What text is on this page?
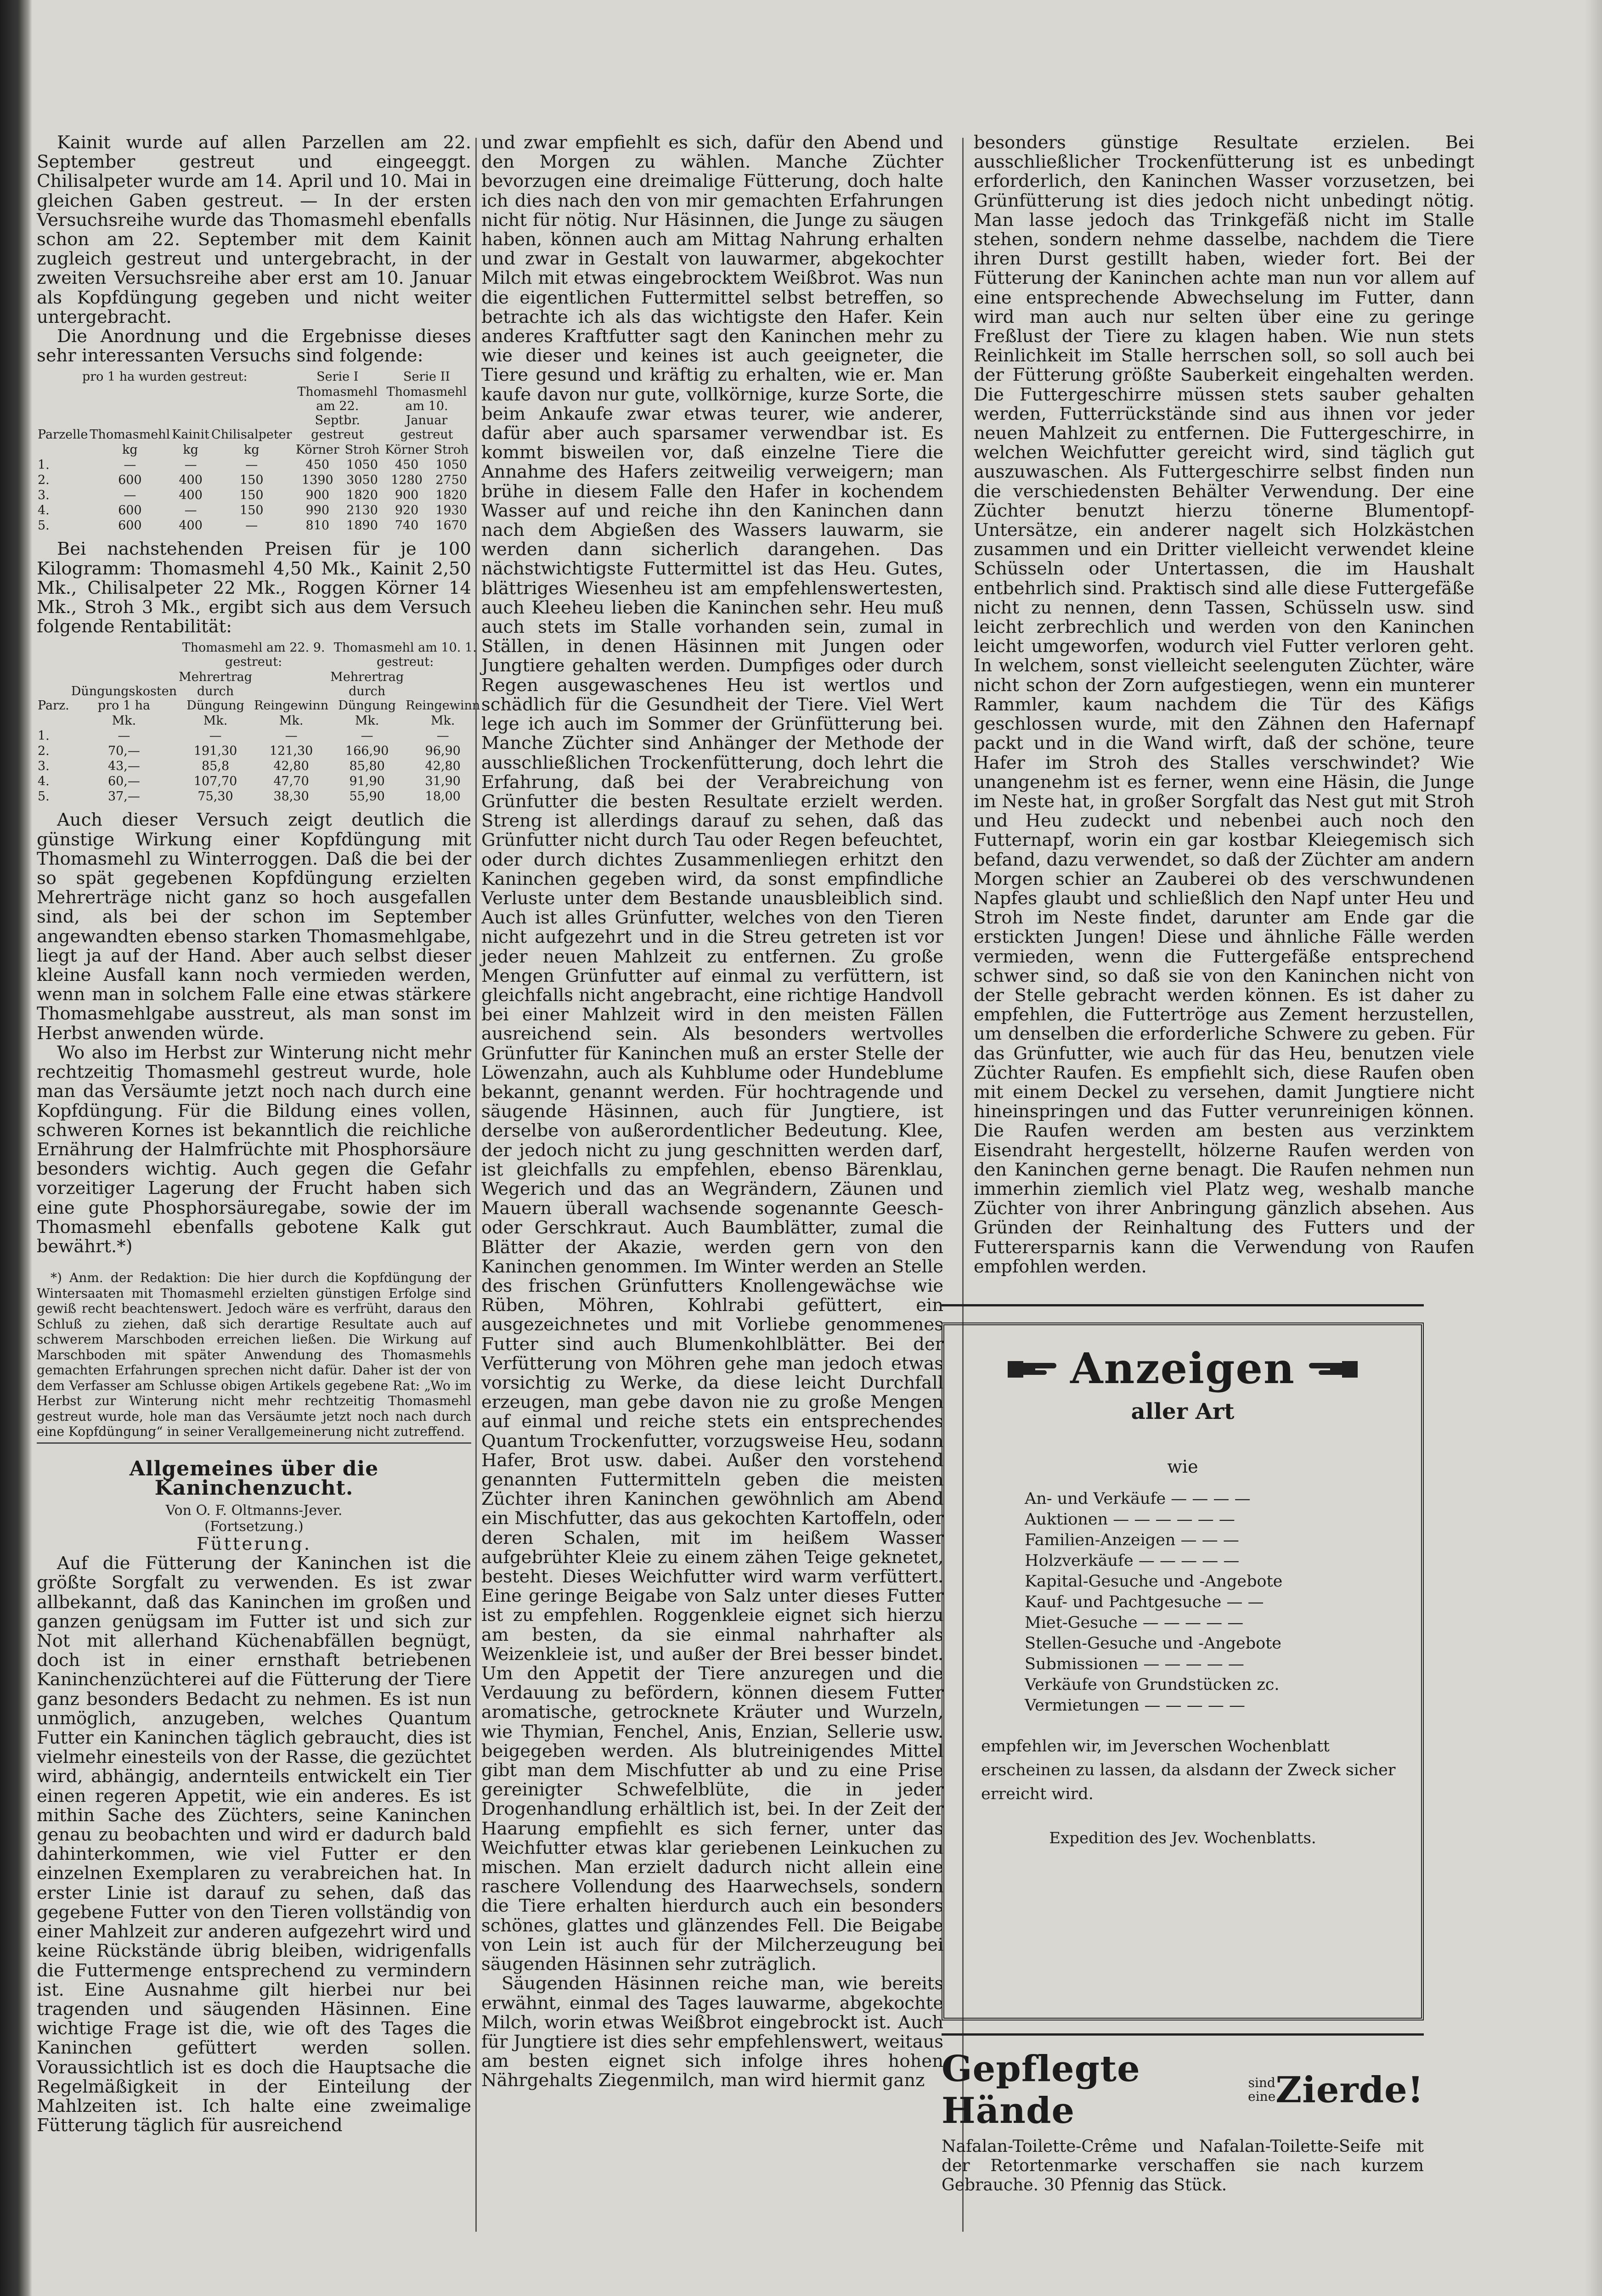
Kainit wurde auf allen Parzellen am 22. September gestreut und eingeeggt. Chilisalpeter wurde am 14. April und 10. Mai in gleichen Gaben gestreut. — In der ersten Versuchsreihe wurde das Thomasmehl ebenfalls schon am 22. September mit dem Kainit zugleich gestreut und untergebracht, in der zweiten Versuchsreihe aber erst am 10. Januar als Kopfdüngung gegeben und nicht weiter untergebracht.

Die Anordnung und die Ergebnisse dieses sehr interessanten Versuchs sind folgende:

pro 1 ha wurden gestreut:				Serie I		Serie II	
Parzelle	Thomasmehl	Kainit	Chilisalpeter	Thomasmehl am 22. Septbr. gestreut		Thomasmehl am 10. Januar gestreut	
	kg	kg	kg	Körner	Stroh	Körner	Stroh
1.	—	—	—	450	1050	450	1050
2.	600	400	150	1390	3050	1280	2750
3.	—	400	150	900	1820	900	1820
4.	600	—	150	990	2130	920	1930
5.	600	400	—	810	1890	740	1670

Bei nachstehenden Preisen für je 100 Kilogramm: Thomasmehl 4,50 Mk., Kainit 2,50 Mk., Chilisalpeter 22 Mk., Roggen Körner 14 Mk., Stroh 3 Mk., ergibt sich aus dem Versuch folgende Rentabilität:

		Thomasmehl am 22. 9. gestreut:		Thomasmehl am 10. 1. gestreut:	
Parz.	Düngungskosten pro 1 ha	Mehrertrag durch Düngung	Reingewinn	Mehrertrag durch Düngung	Reingewinn
	Mk.	Mk.	Mk.	Mk.	Mk.
1.	—	—	—	—	—
2.	70,—	191,30	121,30	166,90	96,90
3.	43,—	85,8	42,80	85,80	42,80
4.	60,—	107,70	47,70	91,90	31,90
5.	37,—	75,30	38,30	55,90	18,00

Auch dieser Versuch zeigt deutlich die günstige Wirkung einer Kopfdüngung mit Thomasmehl zu Winterroggen. Daß die bei der so spät gegebenen Kopfdüngung erzielten Mehrerträge nicht ganz so hoch ausgefallen sind, als bei der schon im September angewandten ebenso starken Thomasmehlgabe, liegt ja auf der Hand. Aber auch selbst dieser kleine Ausfall kann noch vermieden werden, wenn man in solchem Falle eine etwas stärkere Thomasmehlgabe ausstreut, als man sonst im Herbst anwenden würde.

Wo also im Herbst zur Winterung nicht mehr rechtzeitig Thomasmehl gestreut wurde, hole man das Versäumte jetzt noch nach durch eine Kopfdüngung. Für die Bildung eines vollen, schweren Kornes ist bekanntlich die reichliche Ernährung der Halmfrüchte mit Phosphorsäure besonders wichtig. Auch gegen die Gefahr vorzeitiger Lagerung der Frucht haben sich eine gute Phosphorsäuregabe, sowie der im Thomasmehl ebenfalls gebotene Kalk gut bewährt.*)

*) Anm. der Redaktion: Die hier durch die Kopfdüngung der Wintersaaten mit Thomasmehl erzielten günstigen Erfolge sind gewiß recht beachtenswert. Jedoch wäre es verfrüht, daraus den Schluß zu ziehen, daß sich derartige Resultate auch auf schwerem Marschboden erreichen ließen. Die Wirkung auf Marschboden mit später Anwendung des Thomasmehls gemachten Erfahrungen sprechen nicht dafür. Daher ist der von dem Verfasser am Schlusse obigen Artikels gegebene Rat: „Wo im Herbst zur Winterung nicht mehr rechtzeitig Thomasmehl gestreut wurde, hole man das Versäumte jetzt noch nach durch eine Kopfdüngung“ in seiner Verallgemeinerung nicht zutreffend.

Allgemeines über die Kaninchenzucht.

Von O. F. Oltmanns-Jever.

(Fortsetzung.)

Fütterung.

Auf die Fütterung der Kaninchen ist die größte Sorgfalt zu verwenden. Es ist zwar allbekannt, daß das Kaninchen im großen und ganzen genügsam im Futter ist und sich zur Not mit allerhand Küchenabfällen begnügt, doch ist in einer ernsthaft betriebenen Kaninchenzüchterei auf die Fütterung der Tiere ganz besonders Bedacht zu nehmen. Es ist nun unmöglich, anzugeben, welches Quantum Futter ein Kaninchen täglich gebraucht, dies ist vielmehr einesteils von der Rasse, die gezüchtet wird, abhängig, andernteils entwickelt ein Tier einen regeren Appetit, wie ein anderes. Es ist mithin Sache des Züchters, seine Kaninchen genau zu beobachten und wird er dadurch bald dahinterkommen, wie viel Futter er den einzelnen Exemplaren zu verabreichen hat. In erster Linie ist darauf zu sehen, daß das gegebene Futter von den Tieren vollständig von einer Mahlzeit zur anderen aufgezehrt wird und keine Rückstände übrig bleiben, widrigenfalls die Futtermenge entsprechend zu vermindern ist. Eine Ausnahme gilt hierbei nur bei tragenden und säugenden Häsinnen. Eine wichtige Frage ist die, wie oft des Tages die Kaninchen gefüttert werden sollen. Voraussichtlich ist es doch die Hauptsache die Regelmäßigkeit in der Einteilung der Mahlzeiten ist. Ich halte eine zweimalige Fütterung täglich für ausreichend

und zwar empfiehlt es sich, dafür den Abend und den Morgen zu wählen. Manche Züchter bevorzugen eine dreimalige Fütterung, doch halte ich dies nach den von mir gemachten Erfahrungen nicht für nötig. Nur Häsinnen, die Junge zu säugen haben, können auch am Mittag Nahrung erhalten und zwar in Gestalt von lauwarmer, abgekochter Milch mit etwas eingebrocktem Weißbrot. Was nun die eigentlichen Futtermittel selbst betreffen, so betrachte ich als das wichtigste den Hafer. Kein anderes Kraftfutter sagt den Kaninchen mehr zu wie dieser und keines ist auch geeigneter, die Tiere gesund und kräftig zu erhalten, wie er. Man kaufe davon nur gute, vollkörnige, kurze Sorte, die beim Ankaufe zwar etwas teurer, wie anderer, dafür aber auch sparsamer verwendbar ist. Es kommt bisweilen vor, daß einzelne Tiere die Annahme des Hafers zeitweilig verweigern; man brühe in diesem Falle den Hafer in kochendem Wasser auf und reiche ihn den Kaninchen dann nach dem Abgießen des Wassers lauwarm, sie werden dann sicherlich darangehen. Das nächstwichtigste Futtermittel ist das Heu. Gutes, blättriges Wiesenheu ist am empfehlenswertesten, auch Kleeheu lieben die Kaninchen sehr. Heu muß auch stets im Stalle vorhanden sein, zumal in Ställen, in denen Häsinnen mit Jungen oder Jungtiere gehalten werden. Dumpfiges oder durch Regen ausgewaschenes Heu ist wertlos und schädlich für die Gesundheit der Tiere. Viel Wert lege ich auch im Sommer der Grünfütterung bei. Manche Züchter sind Anhänger der Methode der ausschließlichen Trockenfütterung, doch lehrt die Erfahrung, daß bei der Verabreichung von Grünfutter die besten Resultate erzielt werden. Streng ist allerdings darauf zu sehen, daß das Grünfutter nicht durch Tau oder Regen befeuchtet, oder durch dichtes Zusammenliegen erhitzt den Kaninchen gegeben wird, da sonst empfindliche Verluste unter dem Bestande unausbleiblich sind. Auch ist alles Grünfutter, welches von den Tieren nicht aufgezehrt und in die Streu getreten ist vor jeder neuen Mahlzeit zu entfernen. Zu große Mengen Grünfutter auf einmal zu verfüttern, ist gleichfalls nicht angebracht, eine richtige Handvoll bei einer Mahlzeit wird in den meisten Fällen ausreichend sein. Als besonders wertvolles Grünfutter für Kaninchen muß an erster Stelle der Löwenzahn, auch als Kuhblume oder Hundeblume bekannt, genannt werden. Für hochtragende und säugende Häsinnen, auch für Jungtiere, ist derselbe von außerordentlicher Bedeutung. Klee, der jedoch nicht zu jung geschnitten werden darf, ist gleichfalls zu empfehlen, ebenso Bärenklau, Wegerich und das an Wegrändern, Zäunen und Mauern überall wachsende sogenannte Geesch- oder Gerschkraut. Auch Baumblätter, zumal die Blätter der Akazie, werden gern von den Kaninchen genommen. Im Winter werden an Stelle des frischen Grünfutters Knollengewächse wie Rüben, Möhren, Kohlrabi gefüttert, ein ausgezeichnetes und mit Vorliebe genommenes Futter sind auch Blumenkohlblätter. Bei der Verfütterung von Möhren gehe man jedoch etwas vorsichtig zu Werke, da diese leicht Durchfall erzeugen, man gebe davon nie zu große Mengen auf einmal und reiche stets ein entsprechendes Quantum Trockenfutter, vorzugsweise Heu, sodann Hafer, Brot usw. dabei. Außer den vorstehend genannten Futtermitteln geben die meisten Züchter ihren Kaninchen gewöhnlich am Abend ein Mischfutter, das aus gekochten Kartoffeln, oder deren Schalen, mit im heißem Wasser aufgebrühter Kleie zu einem zähen Teige geknetet, besteht. Dieses Weichfutter wird warm verfüttert. Eine geringe Beigabe von Salz unter dieses Futter ist zu empfehlen. Roggenkleie eignet sich hierzu am besten, da sie einmal nahrhafter als Weizenkleie ist, und außer der Brei besser bindet. Um den Appetit der Tiere anzuregen und die Verdauung zu befördern, können diesem Futter aromatische, getrocknete Kräuter und Wurzeln, wie Thymian, Fenchel, Anis, Enzian, Sellerie usw. beigegeben werden. Als blutreinigendes Mittel gibt man dem Mischfutter ab und zu eine Prise gereinigter Schwefelblüte, die in jeder Drogenhandlung erhältlich ist, bei. In der Zeit der Haarung empfiehlt es sich ferner, unter das Weichfutter etwas klar geriebenen Leinkuchen zu mischen. Man erzielt dadurch nicht allein eine raschere Vollendung des Haarwechsels, sondern die Tiere erhalten hierdurch auch ein besonders schönes, glattes und glänzendes Fell. Die Beigabe von Lein ist auch für der Milcherzeugung bei säugenden Häsinnen sehr zuträglich.

Säugenden Häsinnen reiche man, wie bereits erwähnt, einmal des Tages lauwarme, abgekochte Milch, worin etwas Weißbrot eingebrockt ist. Auch für Jungtiere ist dies sehr empfehlenswert, weitaus am besten eignet sich infolge ihres hohen Nährgehalts Ziegenmilch, man wird hiermit ganz

besonders günstige Resultate erzielen. Bei ausschließlicher Trockenfütterung ist es unbedingt erforderlich, den Kaninchen Wasser vorzusetzen, bei Grünfütterung ist dies jedoch nicht unbedingt nötig. Man lasse jedoch das Trinkgefäß nicht im Stalle stehen, sondern nehme dasselbe, nachdem die Tiere ihren Durst gestillt haben, wieder fort. Bei der Fütterung der Kaninchen achte man nun vor allem auf eine entsprechende Abwechselung im Futter, dann wird man auch nur selten über eine zu geringe Freßlust der Tiere zu klagen haben. Wie nun stets Reinlichkeit im Stalle herrschen soll, so soll auch bei der Fütterung größte Sauberkeit eingehalten werden. Die Futtergeschirre müssen stets sauber gehalten werden, Futterrückstände sind aus ihnen vor jeder neuen Mahlzeit zu entfernen. Die Futtergeschirre, in welchen Weichfutter gereicht wird, sind täglich gut auszuwaschen. Als Futtergeschirre selbst finden nun die verschiedensten Behälter Verwendung. Der eine Züchter benutzt hierzu tönerne Blumentopf-Untersätze, ein anderer nagelt sich Holzkästchen zusammen und ein Dritter vielleicht verwendet kleine Schüsseln oder Untertassen, die im Haushalt entbehrlich sind. Praktisch sind alle diese Futtergefäße nicht zu nennen, denn Tassen, Schüsseln usw. sind leicht zerbrechlich und werden von den Kaninchen leicht umgeworfen, wodurch viel Futter verloren geht. In welchem, sonst vielleicht seelenguten Züchter, wäre nicht schon der Zorn aufgestiegen, wenn ein munterer Rammler, kaum nachdem die Tür des Käfigs geschlossen wurde, mit den Zähnen den Hafernapf packt und in die Wand wirft, daß der schöne, teure Hafer im Stroh des Stalles verschwindet? Wie unangenehm ist es ferner, wenn eine Häsin, die Junge im Neste hat, in großer Sorgfalt das Nest gut mit Stroh und Heu zudeckt und nebenbei auch noch den Futternapf, worin ein gar kostbar Kleiegemisch sich befand, dazu verwendet, so daß der Züchter am andern Morgen schier an Zauberei ob des verschwundenen Napfes glaubt und schließlich den Napf unter Heu und Stroh im Neste findet, darunter am Ende gar die erstickten Jungen! Diese und ähnliche Fälle werden vermieden, wenn die Futtergefäße entsprechend schwer sind, so daß sie von den Kaninchen nicht von der Stelle gebracht werden können. Es ist daher zu empfehlen, die Futtertröge aus Zement herzustellen, um denselben die erforderliche Schwere zu geben. Für das Grünfutter, wie auch für das Heu, benutzen viele Züchter Raufen. Es empfiehlt sich, diese Raufen oben mit einem Deckel zu versehen, damit Jungtiere nicht hineinspringen und das Futter verunreinigen können. Die Raufen werden am besten aus verzinktem Eisendraht hergestellt, hölzerne Raufen werden von den Kaninchen gerne benagt. Die Raufen nehmen nun immerhin ziemlich viel Platz weg, weshalb manche Züchter von ihrer Anbringung gänzlich absehen. Aus Gründen der Reinhaltung des Futters und der Futterersparnis kann die Verwendung von Raufen empfohlen werden.

Anzeigen
aller Art
wie
An- und Verkäufe — — — —
Auktionen — — — — — —
Familien-Anzeigen — — —
Holzverkäufe — — — — —
Kapital-Gesuche und -Angebote
Kauf- und Pachtgesuche — —
Miet-Gesuche — — — — —
Stellen-Gesuche und -Angebote
Submissionen — — — — —
Verkäufe von Grundstücken zc.
Vermietungen — — — — —
empfehlen wir, im Jeverschen Wochenblatt erscheinen zu lassen, da alsdann der Zweck sicher erreicht wird.
Expedition des Jev. Wochenblatts.
Gepflegte Hände
sind
eine Zierde!
Nafalan-Toilette-Crême und Nafalan-Toilette-Seife mit der Retortenmarke verschaffen sie nach kurzem Gebrauche. 30 Pfennig das Stück.
